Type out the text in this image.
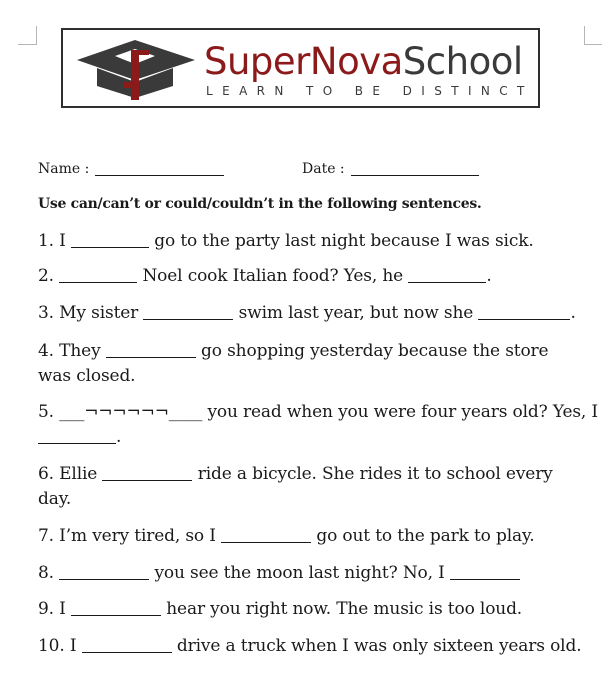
SuperNovaSchool
LEARN TO BE DISTINCT
Name :	Date :
Use can/can’t or could/couldn’t in the following sentences.
1. I	go to the party last night because I was sick.
2.	Noel cook Italian food? Yes, he	.
3. My sister	swim last year, but now she	.
4. They	go shopping yesterday because the store
was closed.
5. ___¬¬¬¬¬¬____ you read when you were four years old? Yes, I
.
6. Ellie	ride a bicycle. She rides it to school every
day.
7. I’m very tired, so I	go out to the park to play.
8.	you see the moon last night? No, I
9. I	hear you right now. The music is too loud.
10. I	drive a truck when I was only sixteen years old.
